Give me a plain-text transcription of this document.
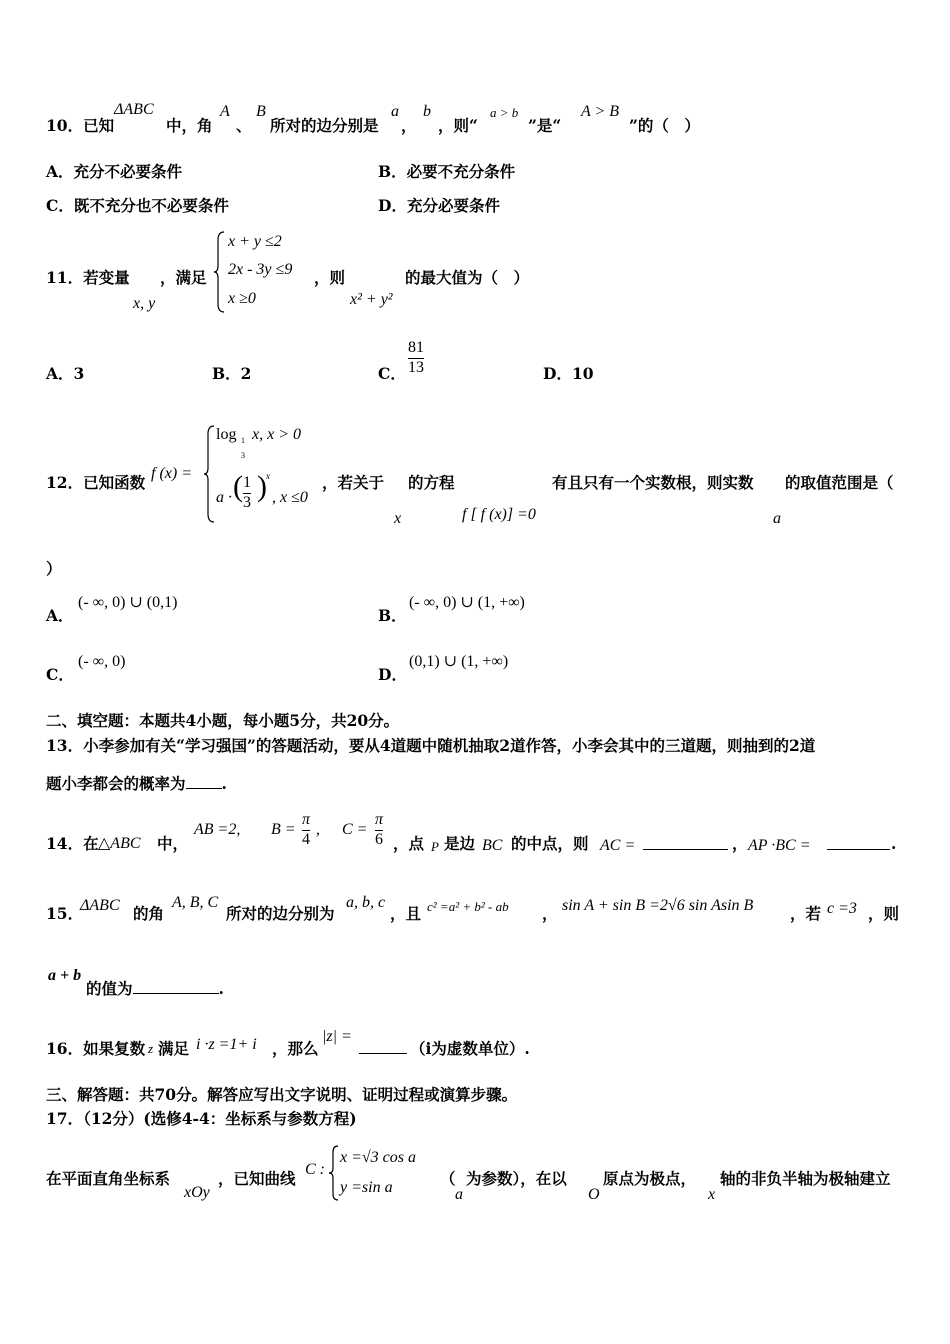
10．已知
ΔABC
中，角
A
、
B
所对的边分别是
a
，
b
，则“
a > b
”是“
A > B
”的（　）
A．充分不必要条件	B．必要不充分条件
C．既不充分也不必要条件	D．充分必要条件
11．若变量
x, y
，满足
x + y ≤2
2x - 3y ≤9
x ≥0
，则
x² + y²
的最大值为（　）
A．3	B．2	C．
81
13	D．10
12．已知函数 f (x) =
log 1
3
x, x > 0
a · ( 1
3 ) x
, x ≤0
，若关于
x
的方程
f [ f (x)] =0
有且只有一个实数根，则实数
a
的取值范围是（
）
A．
(- ∞, 0) ∪ (0,1)
B．
(- ∞, 0) ∪ (1, +∞)
C．
(- ∞, 0)
D．
(0,1) ∪ (1, +∞)
二、填空题：本题共4小题，每小题5分，共20分。
13．小李参加有关“学习强国”的答题活动，要从4道题中随机抽取2道作答，小李会其中的三道题，则抽到的2道
题小李都会的概率为 .
14．在 △ABC 中，
AB =2, B =
π
4
, C =
π
6 ，点 P 是边 BC 的中点，则 AC =	， AP ·BC =	.
15．
ΔABC 的角
A, B, C
所对的边分别为
a, b, c
，且 c² =a² + b² - ab ， sin A + sin B =2√6 sin Asin B ，若 c =3 ，则
a + b
的值为	.
16．如果复数 z 满足 i ·z =1+ i ，那么
|z| =
（i为虚数单位）.
三、解答题：共70分。解答应写出文字说明、证明过程或演算步骤。
17．（12分）(选修4-4：坐标系与参数方程)
在平面直角坐标系
xOy
，已知曲线 C :
x =√3 cos a
y =sin a	（
a
为参数），在以
O
原点为极点，
x
轴的非负半轴为极轴建立
